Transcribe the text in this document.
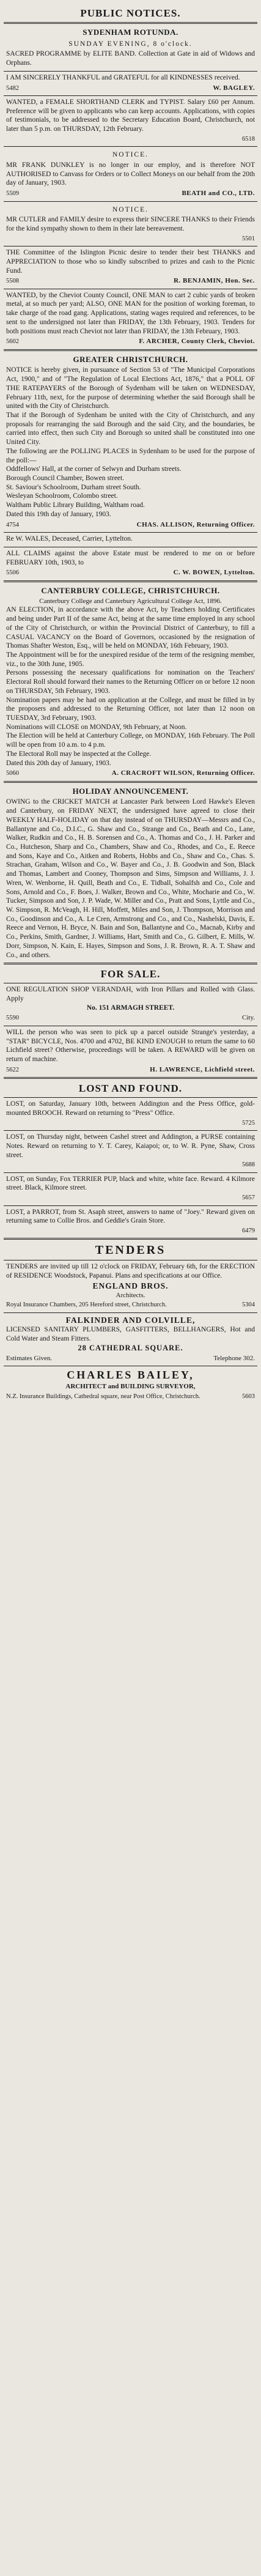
PUBLIC NOTICES.
SYDENHAM ROTUNDA.
SUNDAY EVENING, 8 o'clock.

SACRED PROGRAMME by ELITE BAND. Collection at Gate in aid of Widows and Orphans.

I AM SINCERELY THANKFUL and GRATEFUL for all KINDNESSES received.

5482	W. BAGLEY.

WANTED, a FEMALE SHORTHAND CLERK and TYPIST. Salary £60 per Annum. Preference will be given to applicants who can keep accounts. Applications, with copies of testimonials, to be addressed to the Secretary Education Board, Christchurch, not later than 5 p.m. on THURSDAY, 12th February.

6518
NOTICE.

MR FRANK DUNKLEY is no longer in our employ, and is therefore NOT AUTHORISED to Canvass for Orders or to Collect Moneys on our behalf from the 20th day of January, 1903.

5509	BEATH and CO., LTD.
NOTICE.

MR CUTLER and FAMILY desire to express their SINCERE THANKS to their Friends for the kind sympathy shown to them in their late bereavement.

5501

THE Committee of the Islington Picnic desire to tender their best THANKS and APPRECIATION to those who so kindly subscribed to prizes and cash to the Picnic Fund.

5508	R. BENJAMIN, Hon. Sec.

WANTED, by the Cheviot County Council, ONE MAN to cart 2 cubic yards of broken metal, at so much per yard; ALSO, ONE MAN for the position of working foreman, to take charge of the road gang. Applications, stating wages required and references, to be sent to the undersigned not later than FRIDAY, the 13th February, 1903. Tenders for both positions must reach Cheviot not later than FRIDAY, the 13th February, 1903.

5602	F. ARCHER, County Clerk, Cheviot.
GREATER CHRISTCHURCH.

NOTICE is hereby given, in pursuance of Section 53 of "The Municipal Corporations Act, 1900," and of "The Regulation of Local Elections Act, 1876," that a POLL OF THE RATEPAYERS of the Borough of Sydenham will be taken on WEDNESDAY, February 11th, next, for the purpose of determining whether the said Borough shall be united with the City of Christchurch.

That if the Borough of Sydenham be united with the City of Christchurch, and any proposals for rearranging the said Borough and the said City, and the boundaries, be carried into effect, then such City and Borough so united shall be constituted into one United City.

The following are the POLLING PLACES in Sydenham to be used for the purpose of the poll:—

Oddfellows' Hall, at the corner of Selwyn and Durham streets.

Borough Council Chamber, Bowen street.

St. Saviour's Schoolroom, Durham street South.

Wesleyan Schoolroom, Colombo street.

Waltham Public Library Building, Waltham road.

Dated this 19th day of January, 1903.

4754	CHAS. ALLISON, Returning Officer.

Re W. WALES, Deceased, Carrier, Lyttelton.

ALL CLAIMS against the above Estate must be rendered to me on or before FEBRUARY 10th, 1903, to

5506	C. W. BOWEN, Lyttelton.
CANTERBURY COLLEGE, CHRISTCHURCH.
Canterbury College and Canterbury Agricultural College Act, 1896.

AN ELECTION, in accordance with the above Act, by Teachers holding Certificates and being under Part II of the same Act, being at the same time employed in any school of the City of Christchurch, or within the Provincial District of Canterbury, to fill a CASUAL VACANCY on the Board of Governors, occasioned by the resignation of Thomas Shafter Weston, Esq., will be held on MONDAY, 16th February, 1903.

The Appointment will be for the unexpired residue of the term of the resigning member, viz., to the 30th June, 1905.

Persons possessing the necessary qualifications for nomination on the Teachers' Electoral Roll should forward their names to the Returning Officer on or before 12 noon on THURSDAY, 5th February, 1903.

Nomination papers may be had on application at the College, and must be filled in by the proposers and addressed to the Returning Officer, not later than 12 noon on TUESDAY, 3rd February, 1903.

Nominations will CLOSE on MONDAY, 9th February, at Noon.

The Election will be held at Canterbury College, on MONDAY, 16th February. The Poll will be open from 10 a.m. to 4 p.m.

The Electoral Roll may be inspected at the College.

Dated this 20th day of January, 1903.

5060	A. CRACROFT WILSON, Returning Officer.
HOLIDAY ANNOUNCEMENT.

OWING to the CRICKET MATCH at Lancaster Park between Lord Hawke's Eleven and Canterbury, on FRIDAY NEXT, the undersigned have agreed to close their WEEKLY HALF-HOLIDAY on that day instead of on THURSDAY—Messrs and Co., Ballantyne and Co., D.I.C., G. Shaw and Co., Strange and Co., Beath and Co., Lane, Walker, Rudkin and Co., H. B. Sorensen and Co., A. Thomas and Co., J. H. Parker and Co., Hutcheson, Sharp and Co., Chambers, Shaw and Co., Rhodes, and Co., E. Reece and Sons, Kaye and Co., Aitken and Roberts, Hobbs and Co., Shaw and Co., Chas. S. Strachan, Graham, Wilson and Co., W. Bayer and Co., J. B. Goodwin and Son, Black and Thomas, Lambert and Cooney, Thompson and Sims, Simpson and Williams, J. J. Wren, W. Wenborne, H. Quill, Beath and Co., E. Tidball, Sohalfsh and Co., Cole and Sons, Arnold and Co., F. Boes, J. Walker, Brown and Co., White, Mocharie and Co., W. Tucker, Simpson and Son, J. P. Wade, W. Miller and Co., Pratt and Sons, Lyttle and Co., W. Simpson, R. McVeagh, H. Hill, Moffett, Miles and Son, J. Thompson, Morrison and Co., Goodinson and Co., A. Le Cren, Armstrong and Co., and Co., Nashelski, Davis, E. Reece and Vernon, H. Bryce, N. Bain and Son, Ballantyne and Co., Macnab, Kirby and Co., Perkins, Smith, Gardner, J. Williams, Hart, Smith and Co., G. Gilbert, E. Mills, W. Dorr, Simpson, N. Kain, E. Hayes, Simpson and Sons, J. R. Brown, R. A. T. Shaw and Co., and others.

FOR SALE.

ONE REGULATION SHOP VERANDAH, with Iron Pillars and Rolled with Glass. Apply

No. 151 ARMAGH STREET.
5590	City.

WILL the person who was seen to pick up a parcel outside Strange's yesterday, a "STAR" BICYCLE, Nos. 4700 and 4702, BE KIND ENOUGH to return the same to 60 Lichfield street? Otherwise, proceedings will be taken. A REWARD will be given on return of machine.

5622	H. LAWRENCE, Lichfield street.
LOST AND FOUND.

LOST, on Saturday, January 10th, between Addington and the Press Office, gold-mounted BROOCH. Reward on returning to "Press" Office.

5725

LOST, on Thursday night, between Cashel street and Addington, a PURSE containing Notes. Reward on returning to Y. T. Carey, Kaiapoi; or, to W. R. Pyne, Shaw, Cross street.

5688

LOST, on Sunday, Fox TERRIER PUP, black and white, white face. Reward. 4 Kilmore street. Black, Kilmore street.

5657

LOST, a PARROT, from St. Asaph street, answers to name of "Joey." Reward given on returning same to Collie Bros. and Geddie's Grain Store.

6479
TENDERS

TENDERS are invited up till 12 o'clock on FRIDAY, February 6th, for the ERECTION of RESIDENCE Woodstock, Papanui. Plans and specifications at our Office.

ENGLAND BROS.
Architects.
Royal Insurance Chambers, 205 Hereford street, Christchurch.	5304
FALKINDER AND COLVILLE,

LICENSED SANITARY PLUMBERS, GASFITTERS, BELLHANGERS, Hot and Cold Water and Steam Fitters.

28 CATHEDRAL SQUARE.
Estimates Given.	Telephone 302.
CHARLES BAILEY,
ARCHITECT and BUILDING SURVEYOR,
N.Z. Insurance Buildings, Cathedral square, near Post Office, Christchurch.	5603
